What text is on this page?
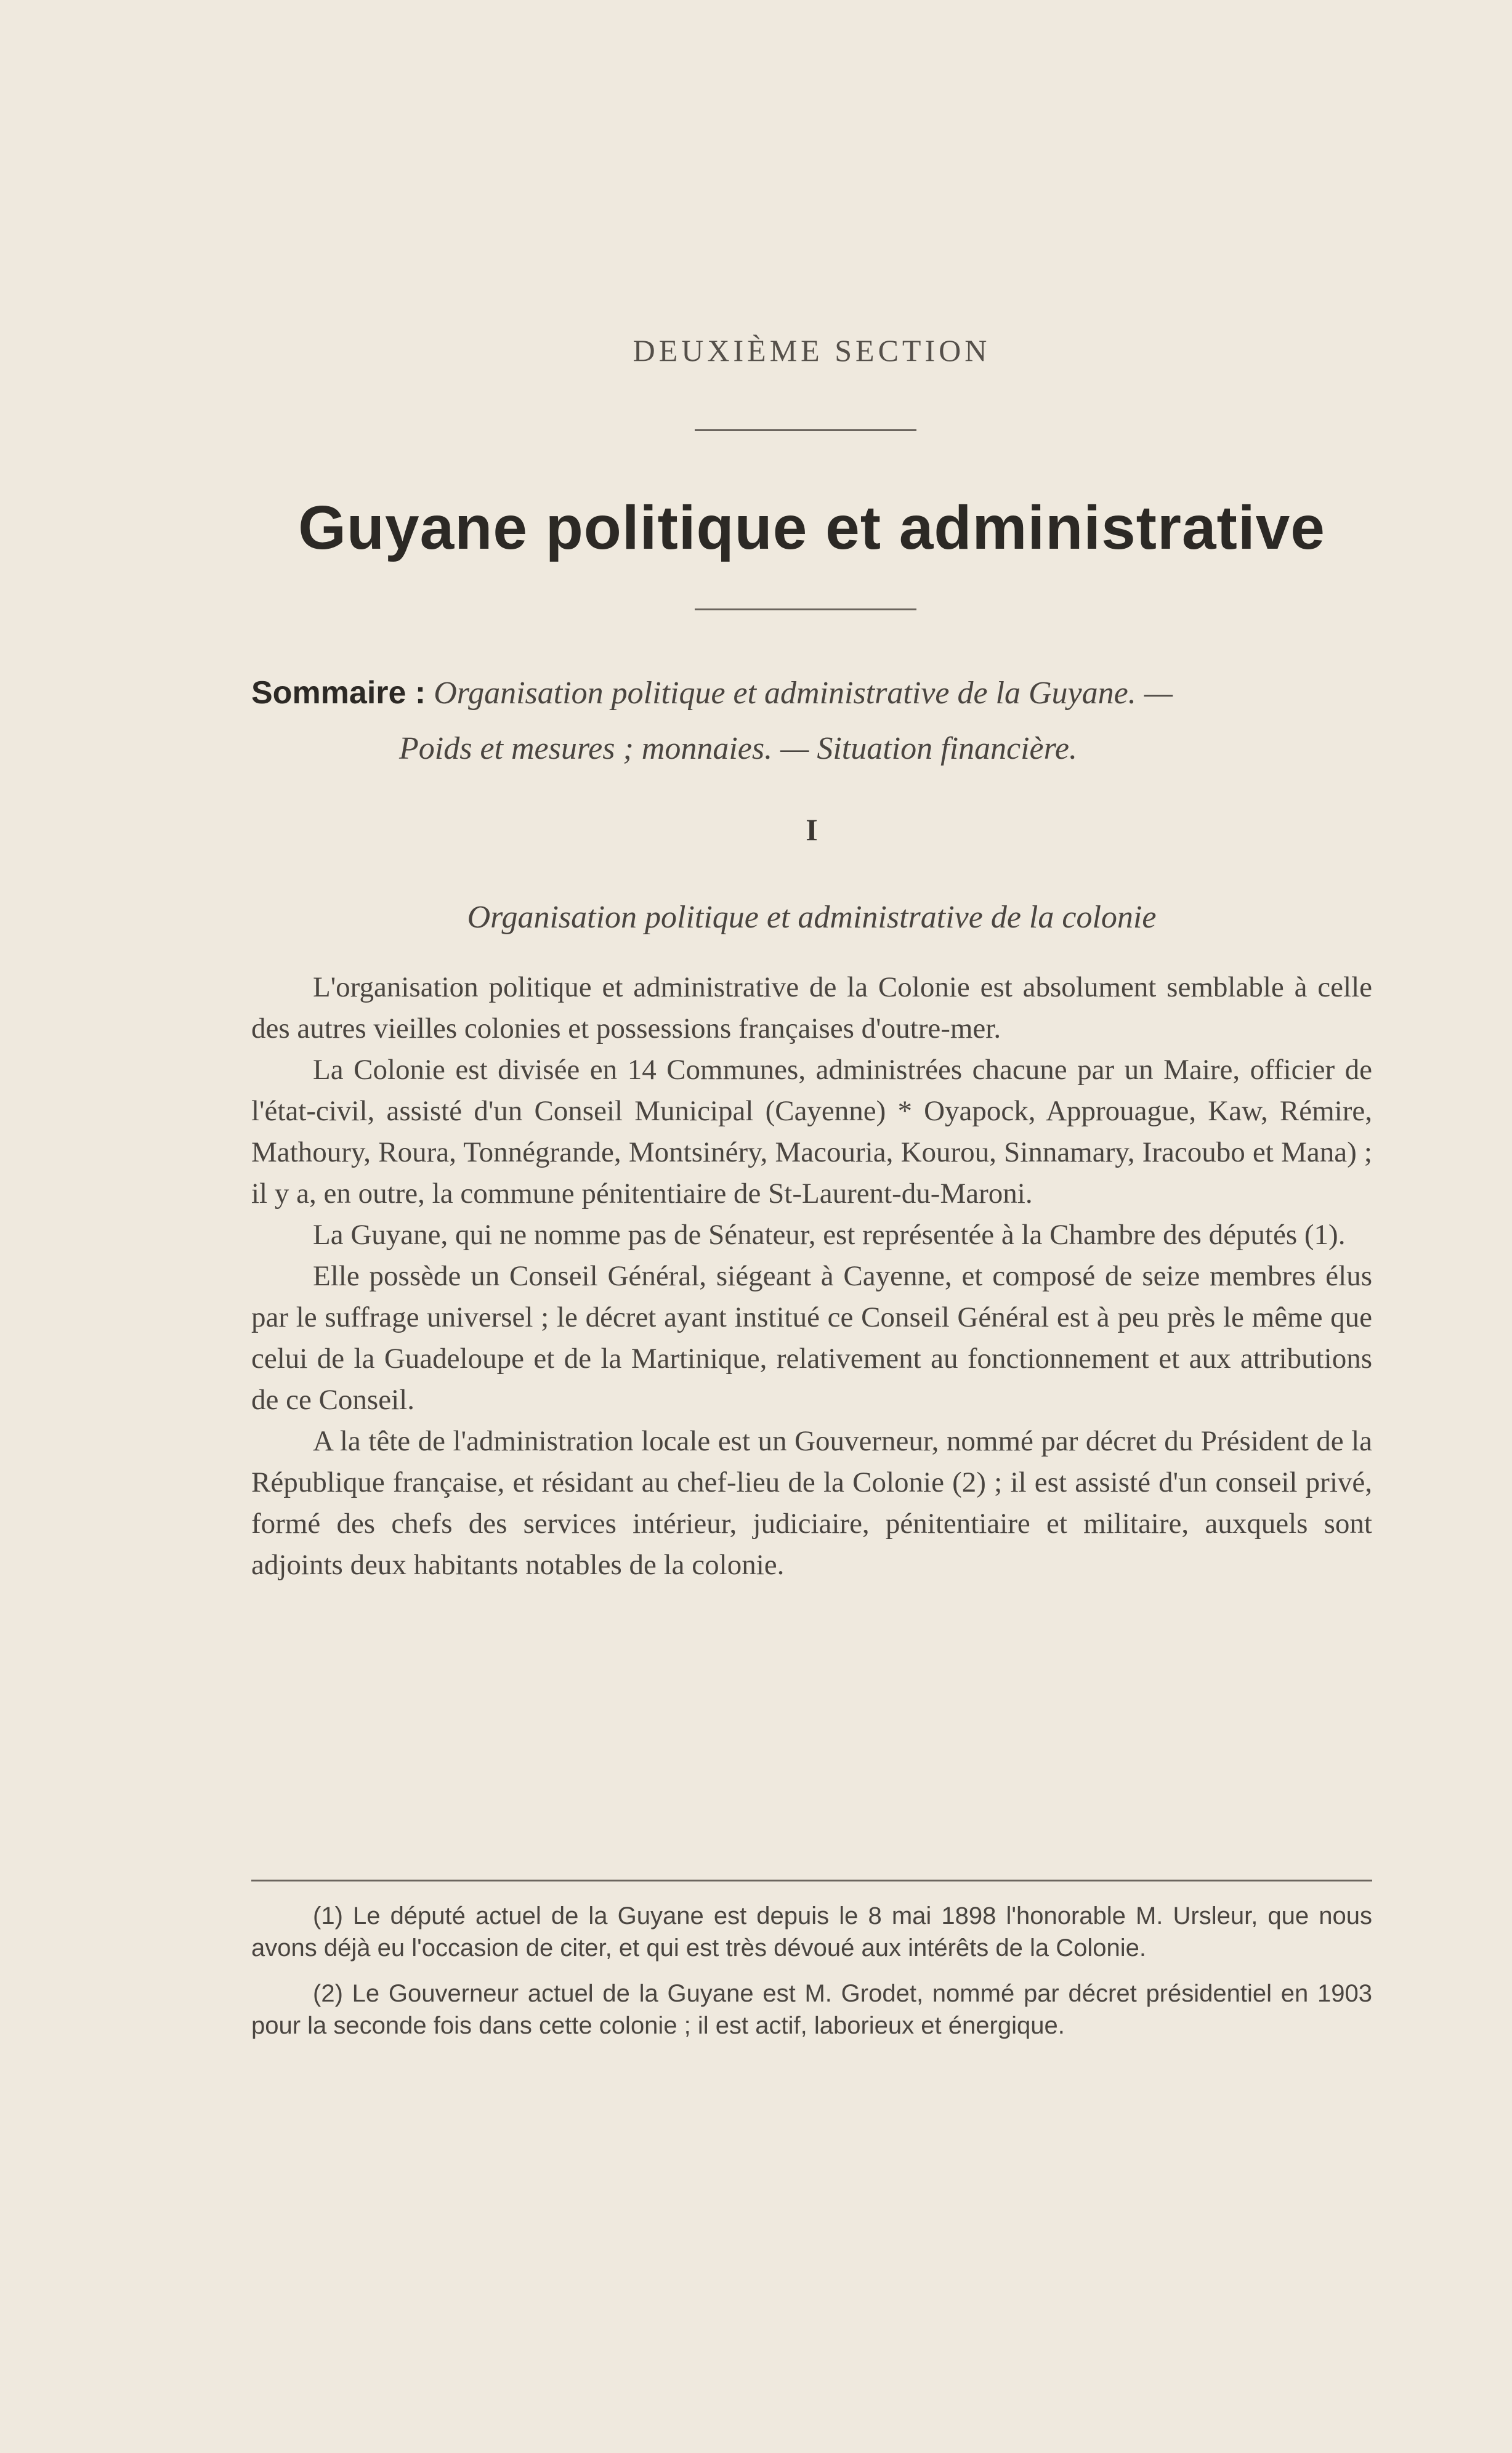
DEUXIÈME SECTION
Guyane politique et administrative
Sommaire : Organisation politique et administrative de la Guyane. —
Poids et mesures ; monnaies. — Situation financière.
I
Organisation politique et administrative de la colonie

L'organisation politique et administrative de la Colonie est absolument semblable à celle des autres vieilles colonies et possessions françaises d'outre-mer.

La Colonie est divisée en 14 Communes, administrées chacune par un Maire, officier de l'état-civil, assisté d'un Conseil Municipal (Cayenne) * Oyapock, Approuague, Kaw, Rémire, Mathoury, Roura, Tonnégrande, Montsinéry, Macouria, Kourou, Sinnamary, Iracoubo et Mana) ; il y a, en outre, la commune pénitentiaire de St-Laurent-du-Maroni.

La Guyane, qui ne nomme pas de Sénateur, est représentée à la Chambre des députés (1).

Elle possède un Conseil Général, siégeant à Cayenne, et composé de seize membres élus par le suffrage universel ; le décret ayant institué ce Conseil Général est à peu près le même que celui de la Guadeloupe et de la Martinique, relativement au fonctionnement et aux attributions de ce Conseil.

A la tête de l'administration locale est un Gouverneur, nommé par décret du Président de la République française, et résidant au chef-lieu de la Colonie (2) ; il est assisté d'un conseil privé, formé des chefs des services intérieur, judiciaire, pénitentiaire et militaire, auxquels sont adjoints deux habitants notables de la colonie.

(1) Le député actuel de la Guyane est depuis le 8 mai 1898 l'honorable M. Ursleur, que nous avons déjà eu l'occasion de citer, et qui est très dévoué aux intérêts de la Colonie.

(2) Le Gouverneur actuel de la Guyane est M. Grodet, nommé par décret présidentiel en 1903 pour la seconde fois dans cette colonie ; il est actif, laborieux et énergique.
